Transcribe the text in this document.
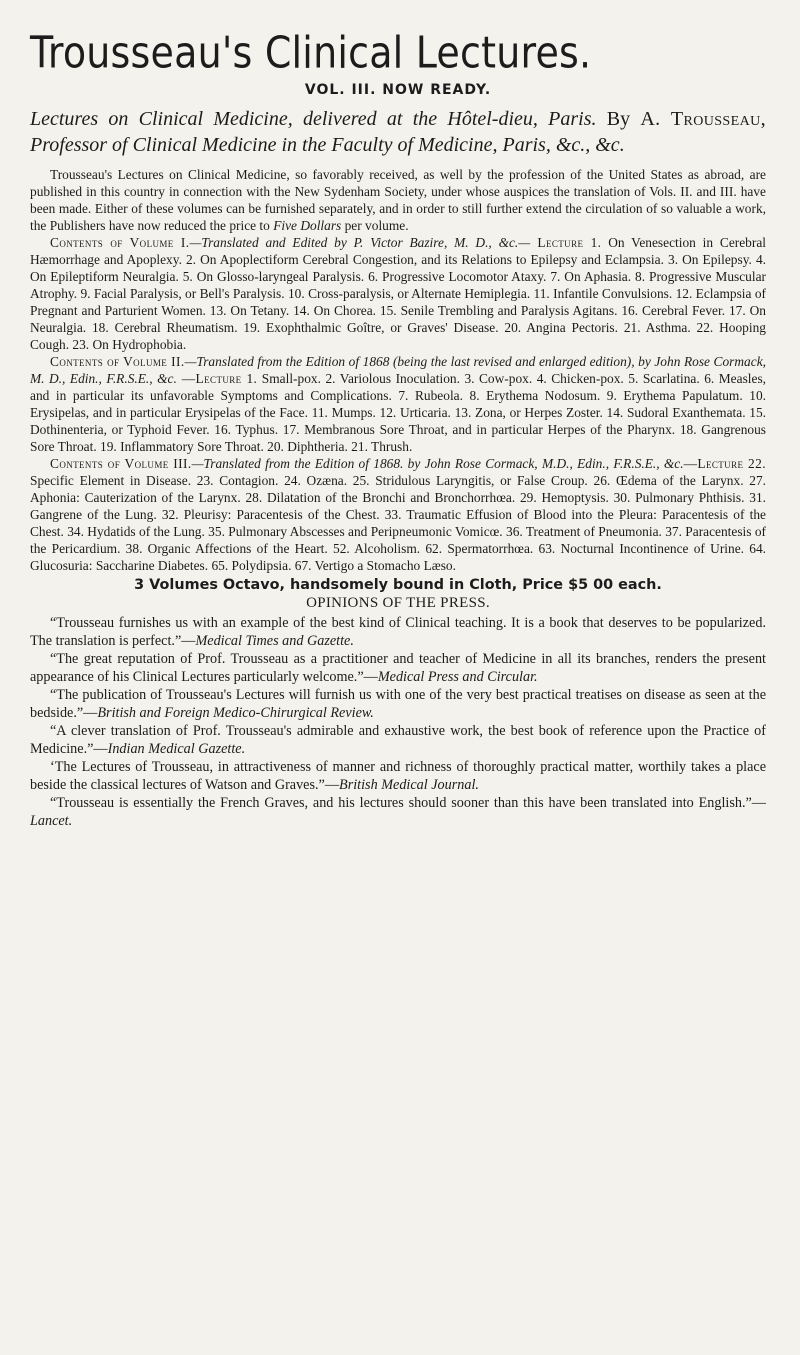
Trousseau's Clinical Lectures.
VOL. III. NOW READY.
Lectures on Clinical Medicine, delivered at the Hôtel-dieu, Paris. By A. Trousseau, Professor of Clinical Medicine in the Faculty of Medicine, Paris, &c., &c.

Trousseau's Lectures on Clinical Medicine, so favorably received, as well by the profession of the United States as abroad, are published in this country in connection with the New Sydenham Society, under whose auspices the translation of Vols. II. and III. have been made. Either of these volumes can be furnished separately, and in order to still further extend the circulation of so valuable a work, the Publishers have now reduced the price to Five Dollars per volume.

Contents of Volume I.—Translated and Edited by P. Victor Bazire, M. D., &c.— Lecture 1. On Venesection in Cerebral Hæmorrhage and Apoplexy. 2. On Apoplectiform Cerebral Congestion, and its Relations to Epilepsy and Eclampsia. 3. On Epilepsy. 4. On Epileptiform Neuralgia. 5. On Glosso-laryngeal Paralysis. 6. Progressive Locomotor Ataxy. 7. On Aphasia. 8. Progressive Muscular Atrophy. 9. Facial Paralysis, or Bell's Paralysis. 10. Cross-paralysis, or Alternate Hemiplegia. 11. Infantile Convulsions. 12. Eclampsia of Pregnant and Parturient Women. 13. On Tetany. 14. On Chorea. 15. Senile Trembling and Paralysis Agitans. 16. Cerebral Fever. 17. On Neuralgia. 18. Cerebral Rheumatism. 19. Exophthalmic Goître, or Graves' Disease. 20. Angina Pectoris. 21. Asthma. 22. Hooping Cough. 23. On Hydrophobia.

Contents of Volume II.—Translated from the Edition of 1868 (being the last revised and enlarged edition), by John Rose Cormack, M. D., Edin., F.R.S.E., &c. —Lecture 1. Small-pox. 2. Variolous Inoculation. 3. Cow-pox. 4. Chicken-pox. 5. Scarlatina. 6. Measles, and in particular its unfavorable Symptoms and Complications. 7. Rubeola. 8. Erythema Nodosum. 9. Erythema Papulatum. 10. Erysipelas, and in particular Erysipelas of the Face. 11. Mumps. 12. Urticaria. 13. Zona, or Herpes Zoster. 14. Sudoral Exanthemata. 15. Dothinenteria, or Typhoid Fever. 16. Typhus. 17. Membranous Sore Throat, and in particular Herpes of the Pharynx. 18. Gangrenous Sore Throat. 19. Inflammatory Sore Throat. 20. Diphtheria. 21. Thrush.

Contents of Volume III.—Translated from the Edition of 1868. by John Rose Cormack, M.D., Edin., F.R.S.E., &c.—Lecture 22. Specific Element in Disease. 23. Contagion. 24. Ozæna. 25. Stridulous Laryngitis, or False Croup. 26. Œdema of the Larynx. 27. Aphonia: Cauterization of the Larynx. 28. Dilatation of the Bronchi and Bronchorrhœa. 29. Hemoptysis. 30. Pulmonary Phthisis. 31. Gangrene of the Lung. 32. Pleurisy: Paracentesis of the Chest. 33. Traumatic Effusion of Blood into the Pleura: Paracentesis of the Chest. 34. Hydatids of the Lung. 35. Pulmonary Abscesses and Peripneumonic Vomicœ. 36. Treatment of Pneumonia. 37. Paracentesis of the Pericardium. 38. Organic Affections of the Heart. 52. Alcoholism. 62. Spermatorrhœa. 63. Nocturnal Incontinence of Urine. 64. Glucosuria: Saccharine Diabetes. 65. Polydipsia. 67. Vertigo a Stomacho Læso.

3 Volumes Octavo, handsomely bound in Cloth, Price $5 00 each.
OPINIONS OF THE PRESS.

“Trousseau furnishes us with an example of the best kind of Clinical teaching. It is a book that deserves to be popularized. The translation is perfect.”—Medical Times and Gazette.

“The great reputation of Prof. Trousseau as a practitioner and teacher of Medicine in all its branches, renders the present appearance of his Clinical Lectures particularly welcome.”—Medical Press and Circular.

“The publication of Trousseau's Lectures will furnish us with one of the very best practical treatises on disease as seen at the bedside.”—British and Foreign Medico-Chirurgical Review.

“A clever translation of Prof. Trousseau's admirable and exhaustive work, the best book of reference upon the Practice of Medicine.”—Indian Medical Gazette.

‘The Lectures of Trousseau, in attractiveness of manner and richness of thoroughly practical matter, worthily takes a place beside the classical lectures of Watson and Graves.”—British Medical Journal.

“Trousseau is essentially the French Graves, and his lectures should sooner than this have been translated into English.”—Lancet.
